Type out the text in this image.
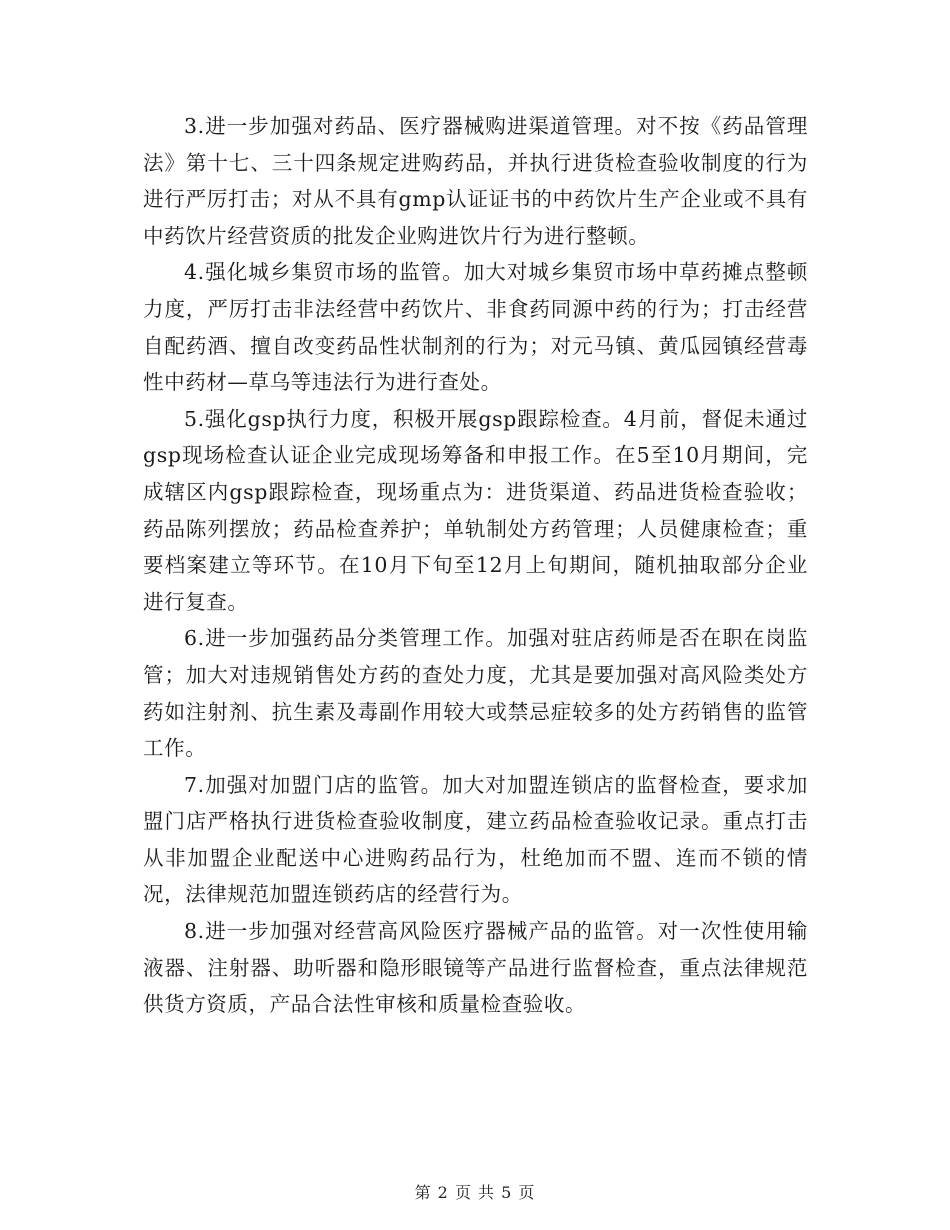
3.进一步加强对药品、医疗器械购进渠道管理。对不按《药品管理法》第十七、三十四条规定进购药品，并执行进货检查验收制度的行为进行严厉打击；对从不具有gmp认证证书的中药饮片生产企业或不具有中药饮片经营资质的批发企业购进饮片行为进行整顿。

4.强化城乡集贸市场的监管。加大对城乡集贸市场中草药摊点整顿力度，严厉打击非法经营中药饮片、非食药同源中药的行为；打击经营自配药酒、擅自改变药品性状制剂的行为；对元马镇、黄瓜园镇经营毒性中药材—草乌等违法行为进行查处。

5.强化gsp执行力度，积极开展gsp跟踪检查。4月前，督促未通过gsp现场检查认证企业完成现场筹备和申报工作。在5至10月期间，完成辖区内gsp跟踪检查，现场重点为：进货渠道、药品进货检查验收；药品陈列摆放；药品检查养护；单轨制处方药管理；人员健康检查；重要档案建立等环节。在10月下旬至12月上旬期间，随机抽取部分企业进行复查。

6.进一步加强药品分类管理工作。加强对驻店药师是否在职在岗监管；加大对违规销售处方药的查处力度，尤其是要加强对高风险类处方药如注射剂、抗生素及毒副作用较大或禁忌症较多的处方药销售的监管工作。

7.加强对加盟门店的监管。加大对加盟连锁店的监督检查，要求加盟门店严格执行进货检查验收制度，建立药品检查验收记录。重点打击从非加盟企业配送中心进购药品行为，杜绝加而不盟、连而不锁的情况，法律规范加盟连锁药店的经营行为。

8.进一步加强对经营高风险医疗器械产品的监管。对一次性使用输液器、注射器、助听器和隐形眼镜等产品进行监督检查，重点法律规范供货方资质，产品合法性审核和质量检查验收。

第 2 页 共 5 页
